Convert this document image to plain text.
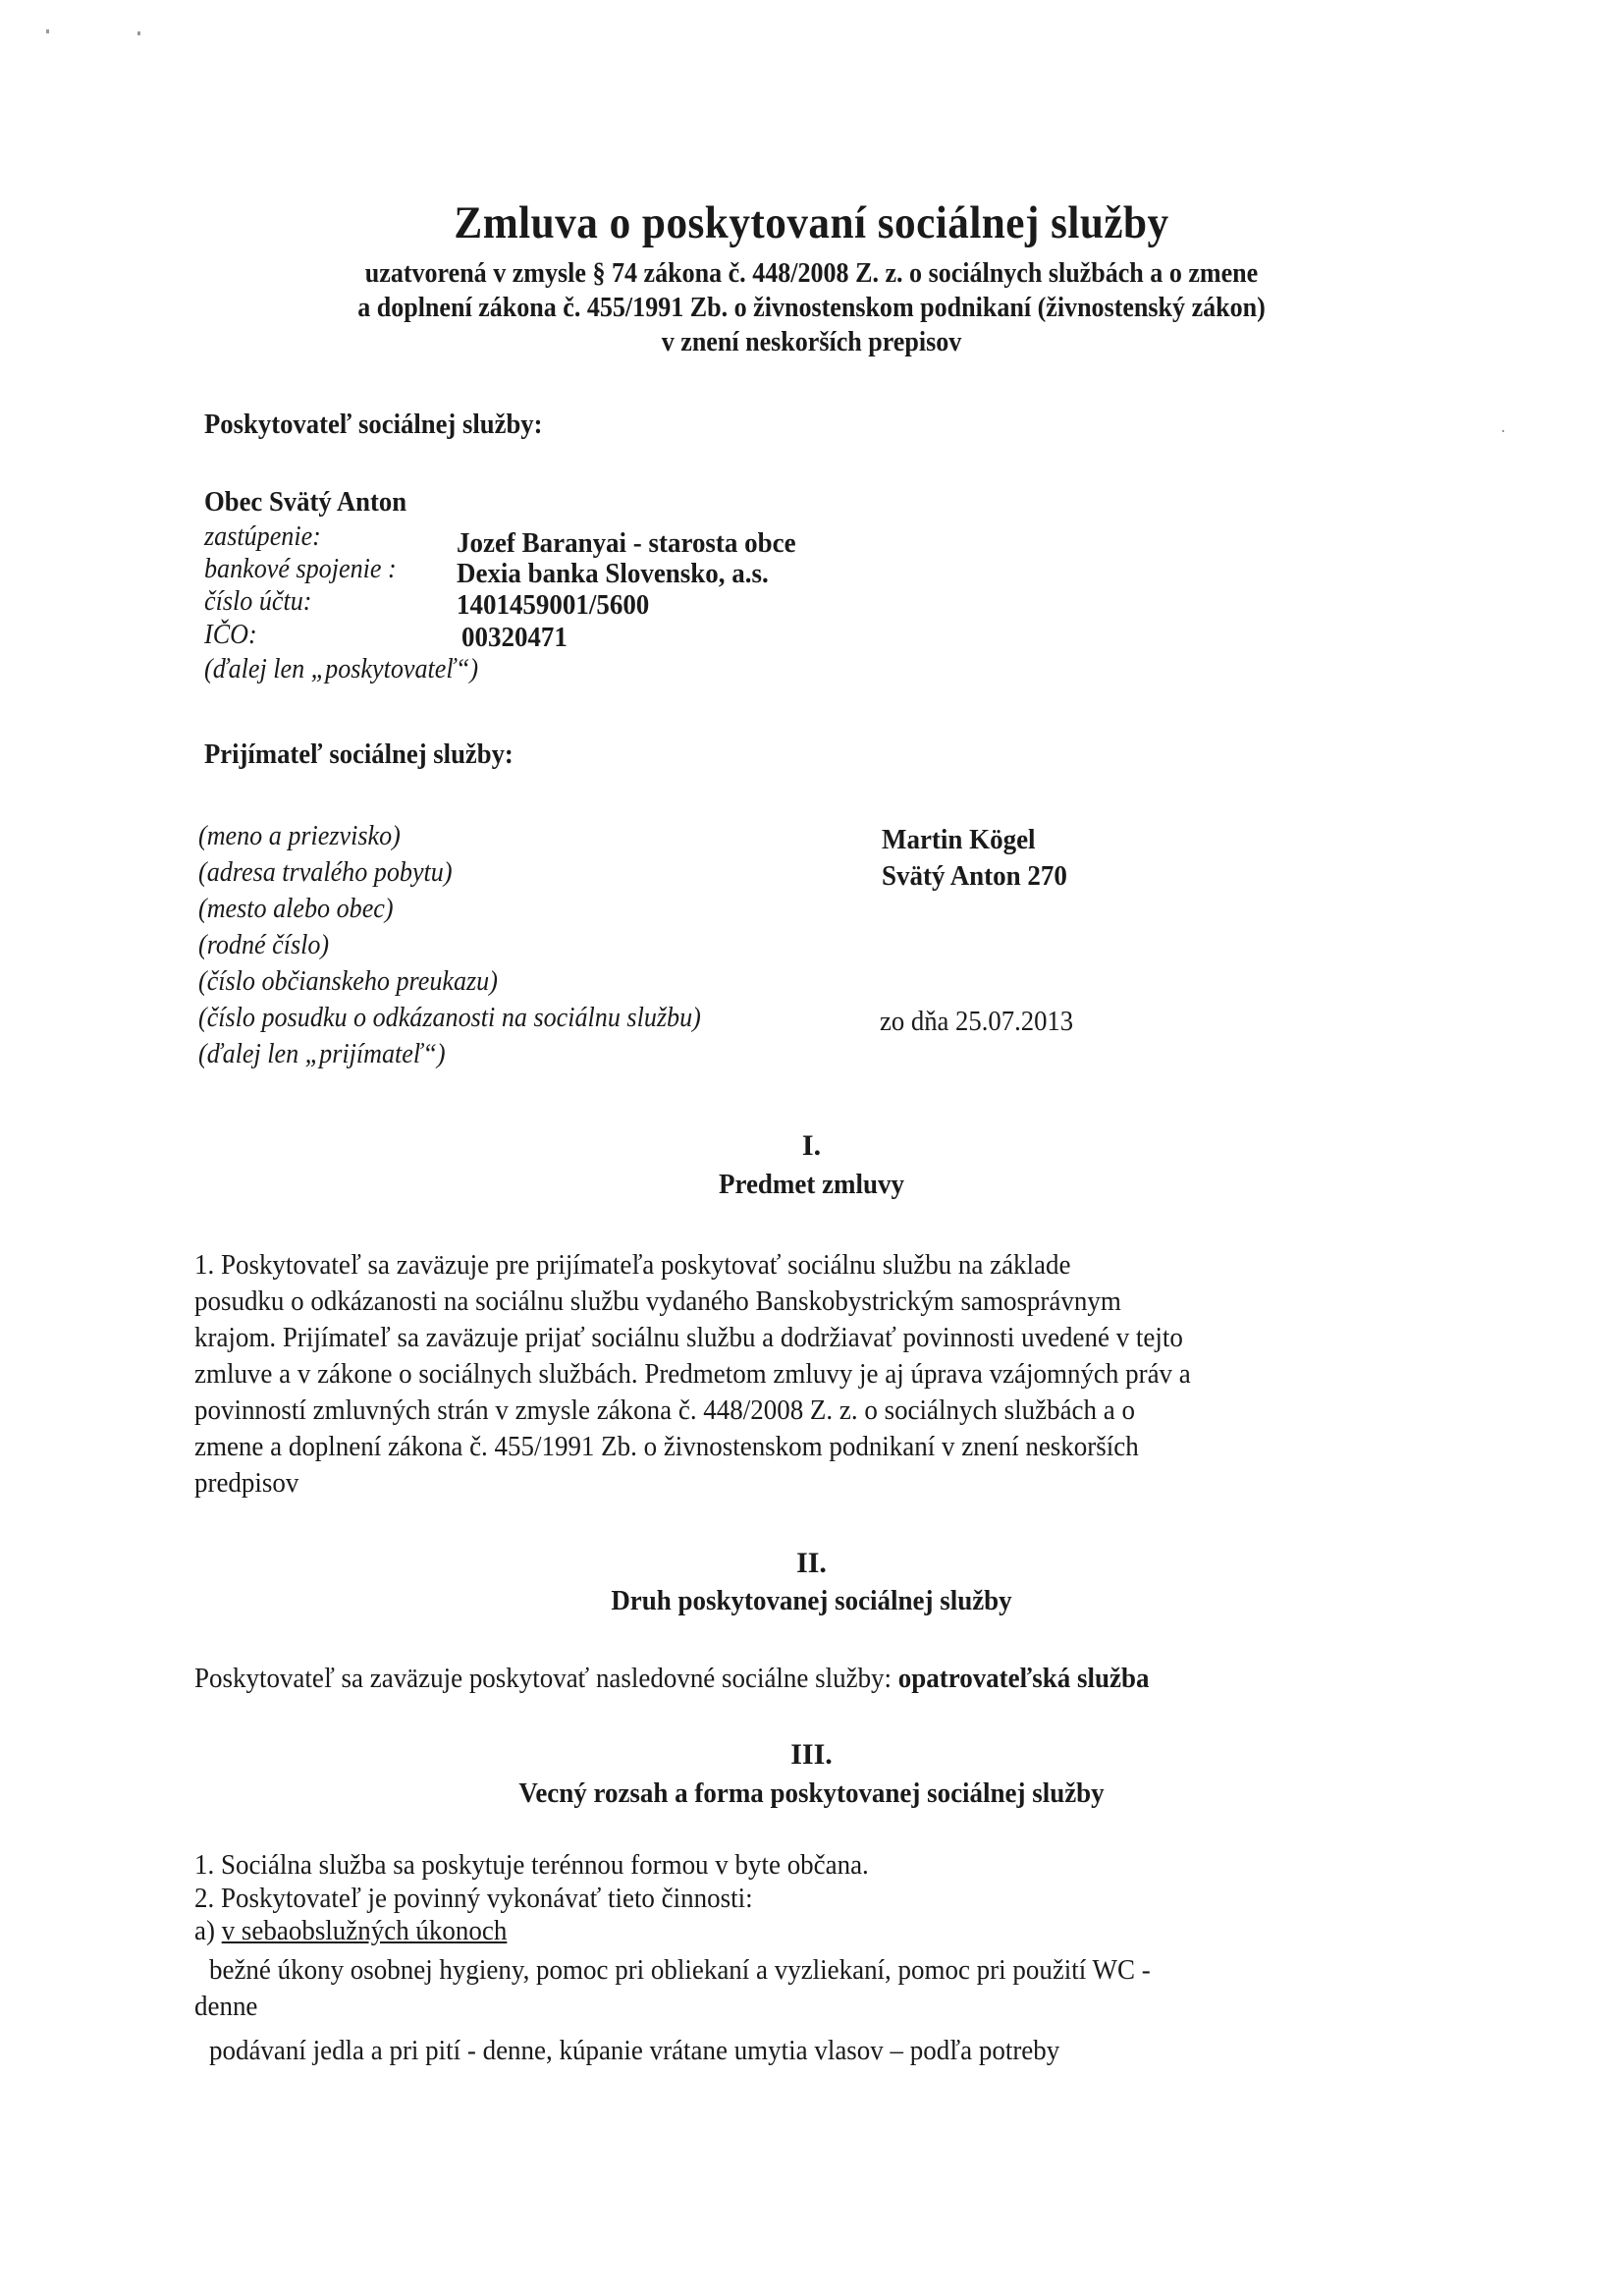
Zmluva o poskytovaní sociálnej služby
uzatvorená v zmysle § 74 zákona č. 448/2008 Z. z. o sociálnych službách a o zmene
a doplnení zákona č. 455/1991 Zb. o živnostenskom podnikaní (živnostenský zákon)
v znení neskorších prepisov
Poskytovateľ sociálnej služby:
Obec Svätý Anton
zastúpenie:	Jozef Baranyai - starosta obce
bankové spojenie : Dexia banka Slovensko, a.s.
číslo účtu:	1401459001/5600
IČO:	00320471
(ďalej len „poskytovateľ“)
Prijímateľ sociálnej služby:
(meno a priezvisko)	Martin Kögel
(adresa trvalého pobytu)	Svätý Anton 270
(mesto alebo obec)
(rodné číslo)
(číslo občianskeho preukazu)
(číslo posudku o odkázanosti na sociálnu službu)	zo dňa 25.07.2013
(ďalej len „prijímateľ“)
I.
Predmet zmluvy
1. Poskytovateľ sa zaväzuje pre prijímateľa poskytovať sociálnu službu na základe
posudku o odkázanosti na sociálnu službu vydaného Banskobystrickým samosprávnym
krajom. Prijímateľ sa zaväzuje prijať sociálnu službu a dodržiavať povinnosti uvedené v tejto
zmluve a v zákone o sociálnych službách. Predmetom zmluvy je aj úprava vzájomných práv a
povinností zmluvných strán v zmysle zákona č. 448/2008 Z. z. o sociálnych službách a o
zmene a doplnení zákona č. 455/1991 Zb. o živnostenskom podnikaní v znení neskorších
predpisov
II.
Druh poskytovanej sociálnej služby
Poskytovateľ sa zaväzuje poskytovať nasledovné sociálne služby: opatrovateľská služba
III.
Vecný rozsah a forma poskytovanej sociálnej služby
1. Sociálna služba sa poskytuje terénnou formou v byte občana.
2. Poskytovateľ je povinný vykonávať tieto činnosti:
a) v sebaobslužných úkonoch
bežné úkony osobnej hygieny, pomoc pri obliekaní a vyzliekaní, pomoc pri použití WC -
denne
podávaní jedla a pri pití - denne, kúpanie vrátane umytia vlasov – podľa potreby
